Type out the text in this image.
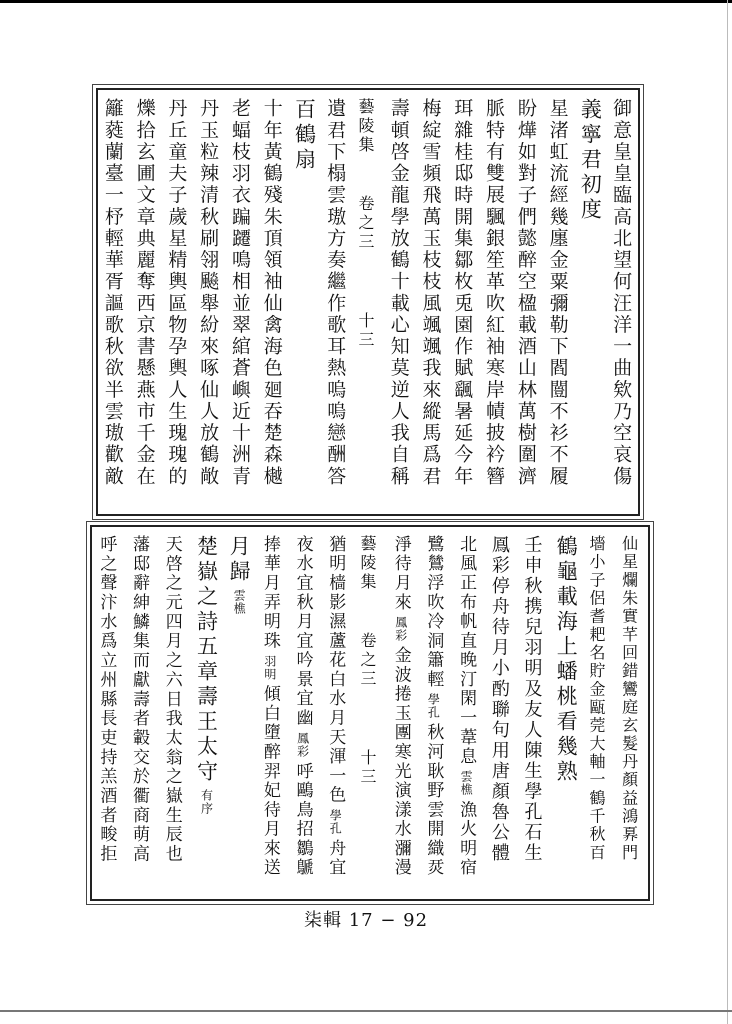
御意皇皇臨高北望何汪洋一曲欸乃空哀傷
義寧君初度
星渚虹流經幾廛金粟彌勒下閻闓不衫不履
盼燁如對子們懿醉空楹載酒山林萬樹圍濟
脈特有雙展颿銀笙革吹紅袖寒岸幘披衿簪
珥雜桂邸時開集鄒枚兎園作賦颻暑延今年
梅綻雪頻飛萬玉枝枝風颯颯我來縱馬爲君
壽頓啓金龍學放鶴十載心知莫逆人我自稱
藝陵集卷之三十三
遺君下榻雲璈方奏繼作歌耳熱嗚嗚戀酬答
百鶴扇
十年黃鶴殘朱頂領袖仙禽海色廻吞楚森樾
老蝠枝羽衣蹁躚鳴相並翠綰蒼嶼近十洲青
丹玉粒辣清秋刷翎飈舉紛來啄仙人放鶴敞
丹丘童夫子歲星精輿區物孕輿人生瑰瑰的
爍拾玄圃文章典麗奪西京書懸燕市千金在
籬蕤蘭臺一杼輕華胥謳歌秋欲半雲璈歡敵
仙星爛朱實芊回錯鸞庭玄髮丹顏益鴻奡門
墻小子侶耆耙名貯金甌莞大軸一鶴千秋百
鶴龜載海上蟠桃看幾熟
壬申秋携兒羽明及友人陳生學孔石生
鳳彩停舟待月小酌聯句用唐顏魯公體
北風正布帆直晚汀閑一葦息雲樵漁火明宿
鷺鷥浮吹冷洞簫輕學孔秋河耿野雲開織烎
淨待月來鳳彩金波捲玉團寒光演漾水瀰漫
藝陵集卷之三十三
猶明樯影濕蘆花白水月天渾一色學孔舟宜
夜水宜秋月宜吟景宜幽鳳彩呼鷗鳥招鶵鷈
捧華月弄明珠羽明傾白墮醉羿妃待月來送
月歸雲樵
楚嶽之詩五章壽王太守有序
天啓之元四月之六日我太翁之嶽生辰也
藩邸辭紳鱗集而獻壽者轂交於衢商萌高
呼之聲汴水爲立州縣長吏持羔酒者畯拒
柒輯 17 − 92
